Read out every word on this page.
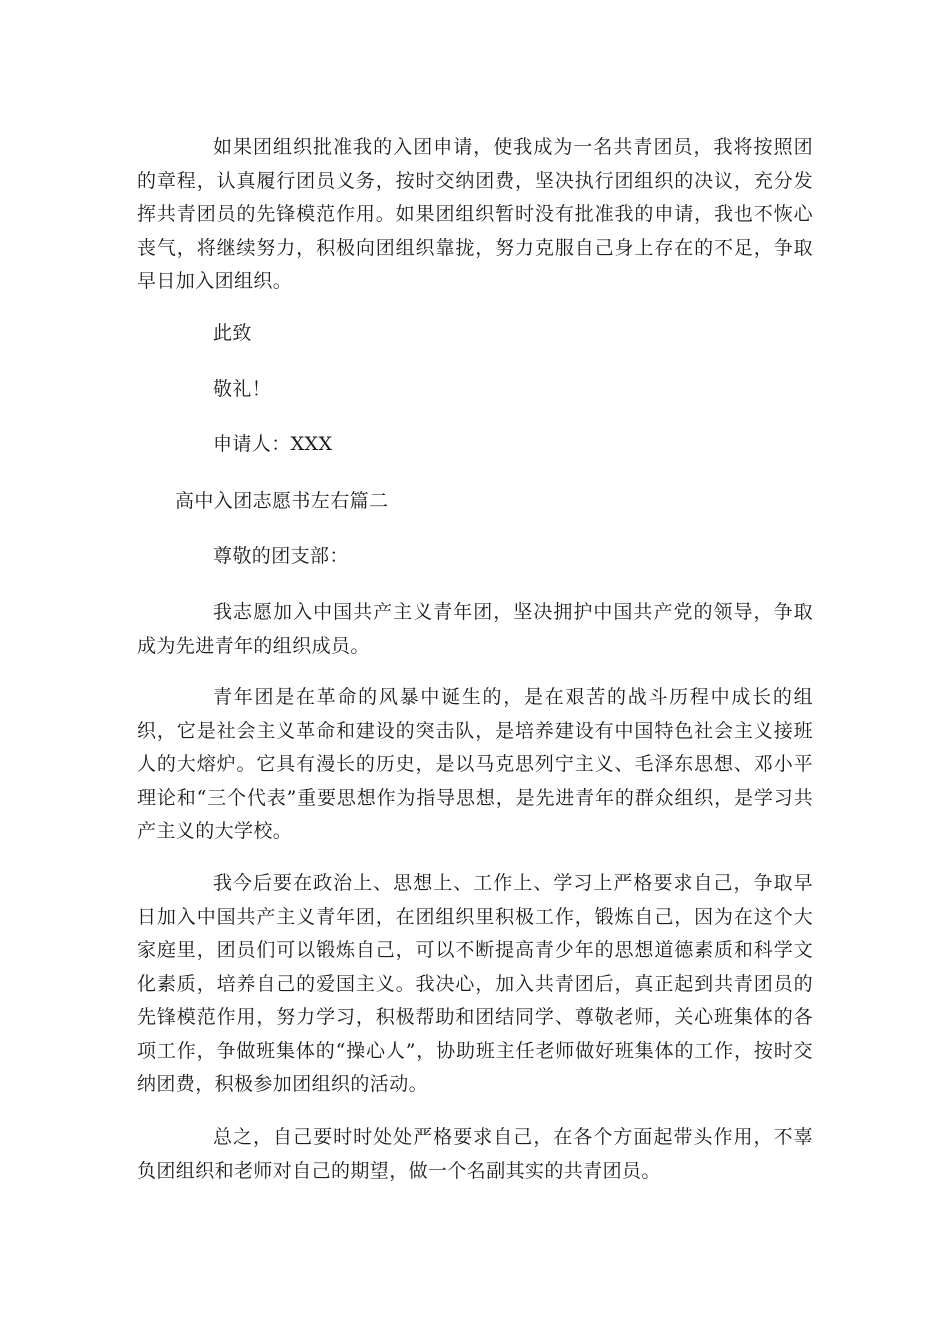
如果团组织批准我的入团申请，使我成为一名共青团员，我将按照团的章程，认真履行团员义务，按时交纳团费，坚决执行团组织的决议，充分发挥共青团员的先锋模范作用。如果团组织暂时没有批准我的申请，我也不恢心丧气，将继续努力，积极向团组织靠拢，努力克服自己身上存在的不足，争取早日加入团组织。

此致

敬礼！

申请人：XXX

高中入团志愿书左右篇二

尊敬的团支部：

我志愿加入中国共产主义青年团，坚决拥护中国共产党的领导，争取成为先进青年的组织成员。

青年团是在革命的风暴中诞生的，是在艰苦的战斗历程中成长的组织，它是社会主义革命和建设的突击队，是培养建设有中国特色社会主义接班人的大熔炉。它具有漫长的历史，是以马克思列宁主义、毛泽东思想、邓小平理论和“三个代表”重要思想作为指导思想，是先进青年的群众组织，是学习共产主义的大学校。

我今后要在政治上、思想上、工作上、学习上严格要求自己，争取早日加入中国共产主义青年团，在团组织里积极工作，锻炼自己，因为在这个大家庭里，团员们可以锻炼自己，可以不断提高青少年的思想道德素质和科学文化素质，培养自己的爱国主义。我决心，加入共青团后，真正起到共青团员的先锋模范作用，努力学习，积极帮助和团结同学、尊敬老师，关心班集体的各项工作，争做班集体的“操心人”，协助班主任老师做好班集体的工作，按时交纳团费，积极参加团组织的活动。

总之，自己要时时处处严格要求自己，在各个方面起带头作用，不辜负团组织和老师对自己的期望，做一个名副其实的共青团员。
